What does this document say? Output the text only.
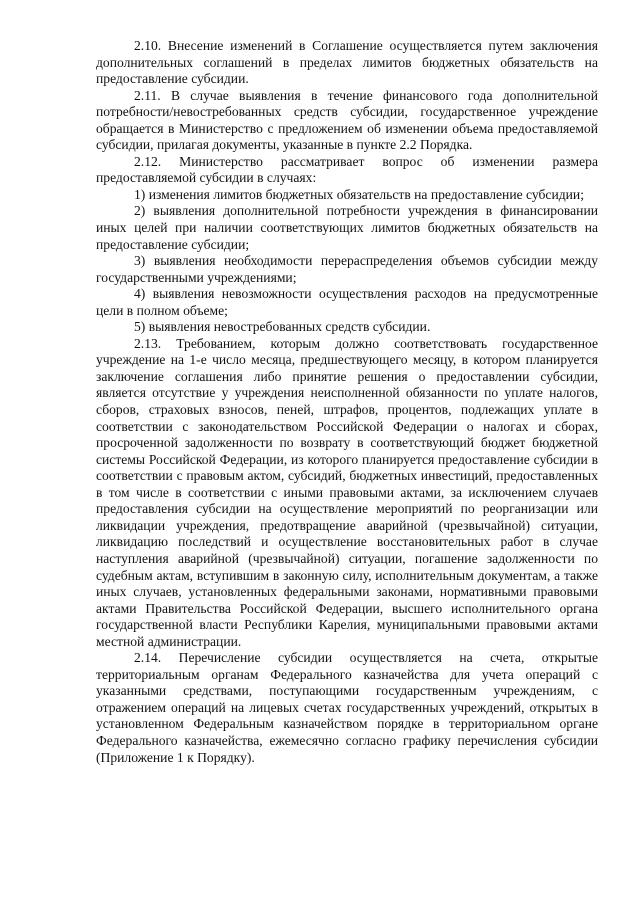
2.10. Внесение изменений в Соглашение осуществляется путем заключения дополнительных соглашений в пределах лимитов бюджетных обязательств на предоставление субсидии.

2.11. В случае выявления в течение финансового года дополнительной потребности/невостребованных средств субсидии, государственное учреждение обращается в Министерство с предложением об изменении объема предоставляемой субсидии, прилагая документы, указанные в пункте 2.2 Порядка.

2.12. Министерство рассматривает вопрос об изменении размера предоставляемой субсидии в случаях:

1) изменения лимитов бюджетных обязательств на предоставление субсидии;

2) выявления дополнительной потребности учреждения в финансировании иных целей при наличии соответствующих лимитов бюджетных обязательств на предоставление субсидии;

3) выявления необходимости перераспределения объемов субсидии между государственными учреждениями;

4) выявления невозможности осуществления расходов на предусмотренные цели в полном объеме;

5) выявления невостребованных средств субсидии.

2.13. Требованием, которым должно соответствовать государственное учреждение на 1-е число месяца, предшествующего месяцу, в котором планируется заключение соглашения либо принятие решения о предоставлении субсидии, является отсутствие у учреждения неисполненной обязанности по уплате налогов, сборов, страховых взносов, пеней, штрафов, процентов, подлежащих уплате в соответствии с законодательством Российской Федерации о налогах и сборах, просроченной задолженности по возврату в соответствующий бюджет бюджетной системы Российской Федерации, из которого планируется предоставление субсидии в соответствии с правовым актом, субсидий, бюджетных инвестиций, предоставленных в том числе в соответствии с иными правовыми актами, за исключением случаев предоставления субсидии на осуществление мероприятий по реорганизации или ликвидации учреждения, предотвращение аварийной (чрезвычайной) ситуации, ликвидацию последствий и осуществление восстановительных работ в случае наступления аварийной (чрезвычайной) ситуации, погашение задолженности по судебным актам, вступившим в законную силу, исполнительным документам, а также иных случаев, установленных федеральными законами, нормативными правовыми актами Правительства Российской Федерации, высшего исполнительного органа государственной власти Республики Карелия, муниципальными правовыми актами местной администрации.

2.14. Перечисление субсидии осуществляется на счета, открытые территориальным органам Федерального казначейства для учета операций с указанными средствами, поступающими государственным учреждениям, с отражением операций на лицевых счетах государственных учреждений, открытых в установленном Федеральным казначейством порядке в территориальном органе Федерального казначейства, ежемесячно согласно графику перечисления субсидии (Приложение 1 к Порядку).
